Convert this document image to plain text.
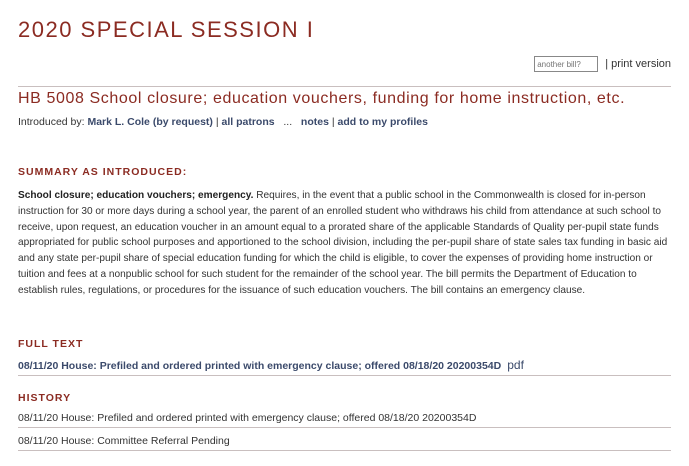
2020 SPECIAL SESSION I
another bill?
| print version
HB 5008 School closure; education vouchers, funding for home instruction, etc.
Introduced by: Mark L. Cole (by request) | all patrons ... notes | add to my profiles
SUMMARY AS INTRODUCED:
School closure; education vouchers; emergency. Requires, in the event that a public school in the Commonwealth is closed for in-person instruction for 30 or more days during a school year, the parent of an enrolled student who withdraws his child from attendance at such school to receive, upon request, an education voucher in an amount equal to a prorated share of the applicable Standards of Quality per-pupil state funds appropriated for public school purposes and apportioned to the school division, including the per-pupil share of state sales tax funding in basic aid and any state per-pupil share of special education funding for which the child is eligible, to cover the expenses of providing home instruction or tuition and fees at a nonpublic school for such student for the remainder of the school year. The bill permits the Department of Education to establish rules, regulations, or procedures for the issuance of such education vouchers. The bill contains an emergency clause.
FULL TEXT
08/11/20 House: Prefiled and ordered printed with emergency clause; offered 08/18/20 20200354D pdf
HISTORY
08/11/20 House: Prefiled and ordered printed with emergency clause; offered 08/18/20 20200354D
08/11/20 House: Committee Referral Pending
